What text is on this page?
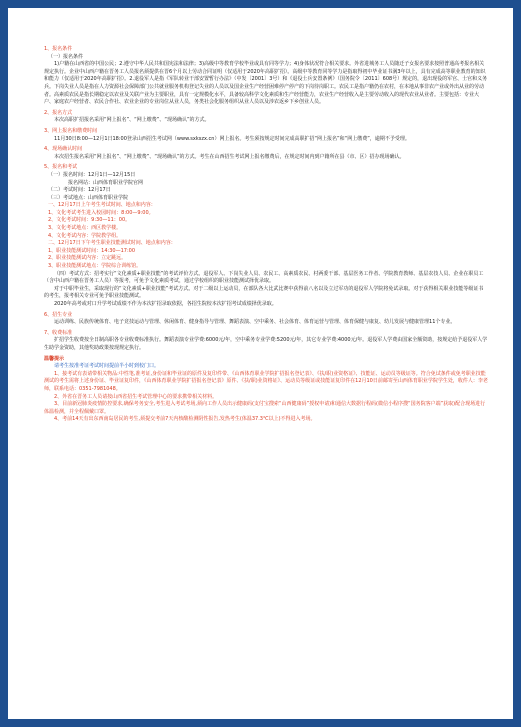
1、报名条件

（一）报名条件

1)户籍在山西省的中国公民；2.遵守中华人民共和国宪法和法律；3)高级中等教育学校毕业或具有同等学力；4)身体状况符合相关要求。外省进城务工人员随迁子女报名要求按照普通高考报名相关规定执行。企业中山西户籍在晋务工人员报名须提供在晋6个月以上劳动合同证明（仅适用于2020年高职扩招）。高级中等教育同等学力是指取得初中毕业证书满3年以上，具有完成高等职业教育的知识和能力（仅适用于2020年高职扩招）。2.退役军人是指《军队转业干部安置暂行办法》（中发〔2001〕3号）和《退役士兵安置条例》（国务院令〔2011〕608号）规定的，退出现役的军官、士官和义务兵。下岗失业人员是指在人力资源社会保障部门公共就业服务机构登记失业的人员以及国企业生产经营困难停产停产的下岗待岗职工。农民工是指户籍仍在农村，在本地从事非农产业或外出从业的劳动者。高素质农民是指长期稳定以农业及关联产业为主要职业，具有一定规模化水平，具备较高科学文化素质和生产经营能力，农业生产经营收入是主要劳动收入的现代农业从业者。主要包括：专业大户、家庭农户经营者、农民合作社、农业企业的专业岗位从业人员，务类社会化服务组织从业人员以及涉农返乡下乡创业人员。

2、报名方式

本次高职扩招报名采用“网上报名”、“网上缴费”、“现场确认”的方式。

3、网上报名和缴费时间

11月30日8:00—12月1日18:00登录山西招生考试网（www.sxkszx.cn）网上报名。考生须按规定时间完成高职扩招“网上报名”和“网上缴费”，逾期不予受理。

4、现场确认时间

本次招生报名采用“网上报名”、“网上缴费”、“现场确认”的方式。考生在山西招生考试网上报名缴费后，在规定时间内到户籍所在县（市、区）招办现场确认。

5、报名和考试

（一）报名时间：12月1日—12月15日

报名网站：山西体育职业学院官网

（二）考试时间：12月17日

（三）考试地点：山西体育职业学院

一、12月17日上午考生考试时间、地点和内容：

1、文化考试考生进入校园时间：8:00—9:00。

2、文化考试时间：9:30—11：00。

3、文化考试地点：西区教学楼。

4、文化考试内容：学院教学组。

二、12月17日下午考生职业技能测试时间、地点和内容：

1、职业技能测试时间：14:30—17:00

2、职业技能测试内容：立定跳远。

3、职业技能测试地点：学院综合训练馆。

（四）考试方式：招考实行“文化素质+职业技能”的考试评价方式。退役军人、下岗失业人员、农民工、高素质农民、村两委干部、基层医务工作者、学院教育教师、基层农技人员、企业在职员工（含中山西户籍在晋务工人员）等报考，可免予文化素质考试，通过学校组织的职业技能测试择优录取。

对于中职毕业生，采取现行的“文化素质+职业技能”考试方式。对于二级以上运动员，在部队各大比武比赛中获得前八名以及立过军功的退役军人学院将免试录取。对于获得相关职业技能等级证书的考生，报考相关专业可免予职业技能测试。

2020年高考或对口升学考试成绩不作为本次扩招录取依据，各招生院校本次扩招考试成绩择优录取。

6、招生专业

运动训练、民族传统体育、电子竞技运动与管理、休闲体育、健身指导与管理、舞蹈表演、空中乘务、社会体育、体育运营与管理、体育保健与康复、幼儿发展与健康管理11个专业。

7、收费标准

扩招学生收费按全日制高职各专业收费标准执行。舞蹈表演专业学费:6000元/年，空中乘务专业学费:5200元/年，其它专业学费:4000元/年。退役军人学费由国家全额资助，按规定给予退役军人学生助学金资助，其他奖助政策按现规定执行。

温馨提示

请考生按准考证考试时间提前半小时到校门口。

1、接考试有表请带相关物品:中性笔,准考证,身份证和毕业证的原件及复印件带、《山西体育职业学院扩招报名登记表》、《扶/职)业资格证》、技能证、运动员等级证等。符合免试条件或免考职业技能测试的考生需将上述身份证、毕业证复印件，《山西体育职业学院扩招报名登记表》原件、《扶/职)业资格证》、运动员等级证或技能证复印件在12月10日前邮寄至山西体育职业学院学生处，收件人：李老师，联系电话：0351-7981048。

2、外省在晋务工人员请按山西省招生考试管理中心的要求携带相关材料。

3、目前新冠肺炎疫情防控要求,确保考务安全,考生进入考试考场,须向工作人员出示健康码(支付宝搜索“山西健康码”授权申请)和通信大数据行程码(微信小程序搜“国务院客户端”获取)配合现场进行体温检测，并全程佩戴口罩。

4、考前14天有出东西南岛居民的考生,须提交考前7天内核酸检测阴性报告,发热考生(体温37.3℃以上)不得进入考场。
